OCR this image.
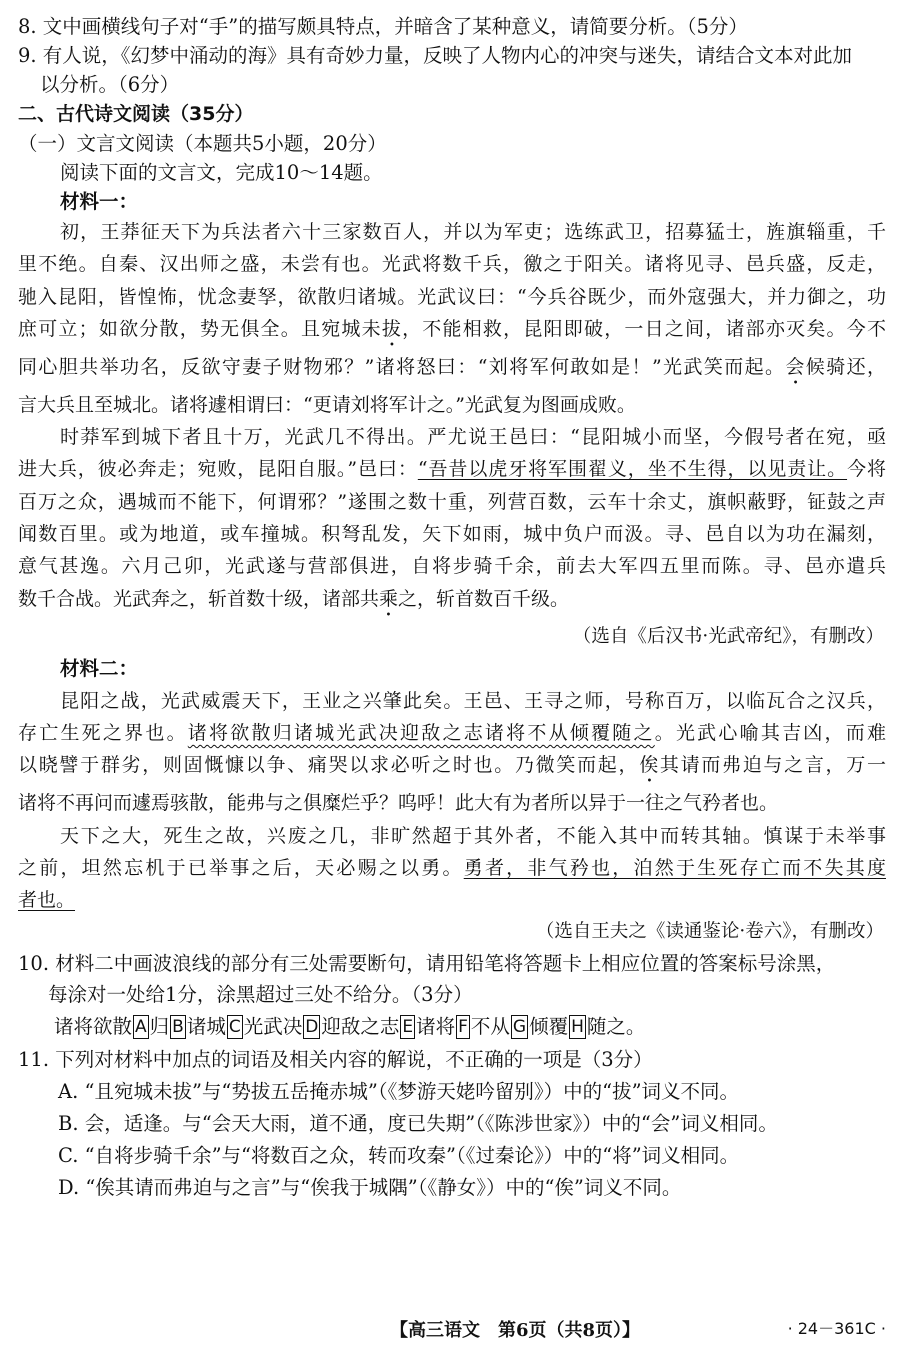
8. 文中画横线句子对“手”的描写颇具特点，并暗含了某种意义，请简要分析。（5分）
9. 有人说，《幻梦中涌动的海》具有奇妙力量，反映了人物内心的冲突与迷失，请结合文本对此加
以分析。（6分）
二、古代诗文阅读（35分）
（一）文言文阅读（本题共5小题，20分）
阅读下面的文言文，完成10～14题。
材料一：
初，王莽征天下为兵法者六十三家数百人，并以为军吏；选练武卫，招募猛士，旌旗辎重，千
里不绝。自秦、汉出师之盛，未尝有也。光武将数千兵，徼之于阳关。诸将见寻、邑兵盛，反走，
驰入昆阳，皆惶怖，忧念妻孥，欲散归诸城。光武议曰：“今兵谷既少，而外寇强大，并力御之，功
庶可立；如欲分散，势无俱全。且宛城未拔，不能相救，昆阳即破，一日之间，诸部亦灭矣。今不
同心胆共举功名，反欲守妻子财物邪？”诸将怒曰：“刘将军何敢如是！”光武笑而起。会候骑还，
言大兵且至城北。诸将遽相谓曰：“更请刘将军计之。”光武复为图画成败。
时莽军到城下者且十万，光武几不得出。严尤说王邑曰：“昆阳城小而坚，今假号者在宛，亟
进大兵，彼必奔走；宛败，昆阳自服。”邑曰：“吾昔以虎牙将军围翟义，坐不生得，以见责让。今将
百万之众，遇城而不能下，何谓邪？”遂围之数十重，列营百数，云车十余丈，旗帜蔽野，钲鼓之声
闻数百里。或为地道，或车撞城。积弩乱发，矢下如雨，城中负户而汲。寻、邑自以为功在漏刻，
意气甚逸。六月己卯，光武遂与营部俱进，自将步骑千余，前去大军四五里而陈。寻、邑亦遣兵
数千合战。光武奔之，斩首数十级，诸部共乘之，斩首数百千级。
（选自《后汉书·光武帝纪》，有删改）
材料二：
昆阳之战，光武威震天下，王业之兴肇此矣。王邑、王寻之师，号称百万，以临瓦合之汉兵，
存亡生死之界也。诸将欲散归诸城光武决迎敌之志诸将不从倾覆随之。光武心喻其吉凶，而难
以晓譬于群劣，则固慨慷以争、痛哭以求必听之时也。乃微笑而起，俟其请而弗迫与之言，万一
诸将不再问而遽焉骇散，能弗与之俱糜烂乎？呜呼！此大有为者所以异于一往之气矜者也。
天下之大，死生之故，兴废之几，非旷然超于其外者，不能入其中而转其轴。慎谋于未举事
之前，坦然忘机于已举事之后，天必赐之以勇。勇者，非气矜也，泊然于生死存亡而不失其度
者也。
（选自王夫之《读通鉴论·卷六》，有删改）
10. 材料二中画波浪线的部分有三处需要断句，请用铅笔将答题卡上相应位置的答案标号涂黑，
每涂对一处给1分，涂黑超过三处不给分。（3分）
诸将欲散 A 归 B 诸城 C 光武决 D 迎敌之志 E 诸将 F 不从 G 倾覆 H 随之。
11. 下列对材料中加点的词语及相关内容的解说，不正确的一项是（3分）
A. “且宛城未拔”与“势拔五岳掩赤城”（《梦游天姥吟留别》）中的“拔”词义不同。
B. 会，适逢。与“会天大雨，道不通，度已失期”（《陈涉世家》）中的“会”词义相同。
C. “自将步骑千余”与“将数百之众，转而攻秦”（《过秦论》）中的“将”词义相同。
D. “俟其请而弗迫与之言”与“俟我于城隅”（《静女》）中的“俟”词义不同。
【高三语文　第6页（共8页）】	· 24－361C ·
